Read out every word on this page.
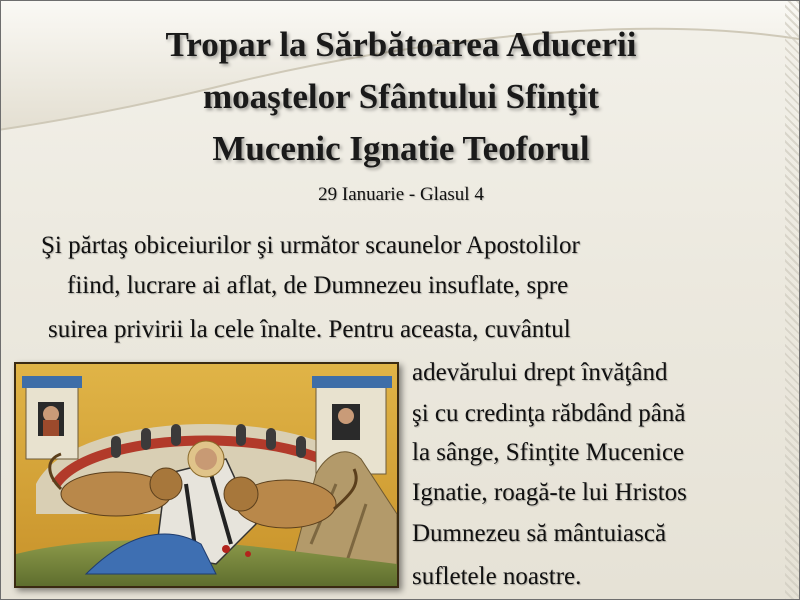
Tropar la Sărbătoarea Aducerii
moaştelor Sfântului Sfinţit
Mucenic Ignatie Teoforul
29 Ianuarie - Glasul 4
Şi părtaş obiceiurilor şi următor scaunelor Apostolilor
fiind, lucrare ai aflat, de Dumnezeu insuflate, spre
suirea privirii la cele înalte. Pentru aceasta, cuvântul
adevărului drept învăţând
şi cu credinţa răbdând până
la sânge, Sfinţite Mucenice
Ignatie, roagă-te lui Hristos
Dumnezeu să mântuiască
sufletele noastre.
